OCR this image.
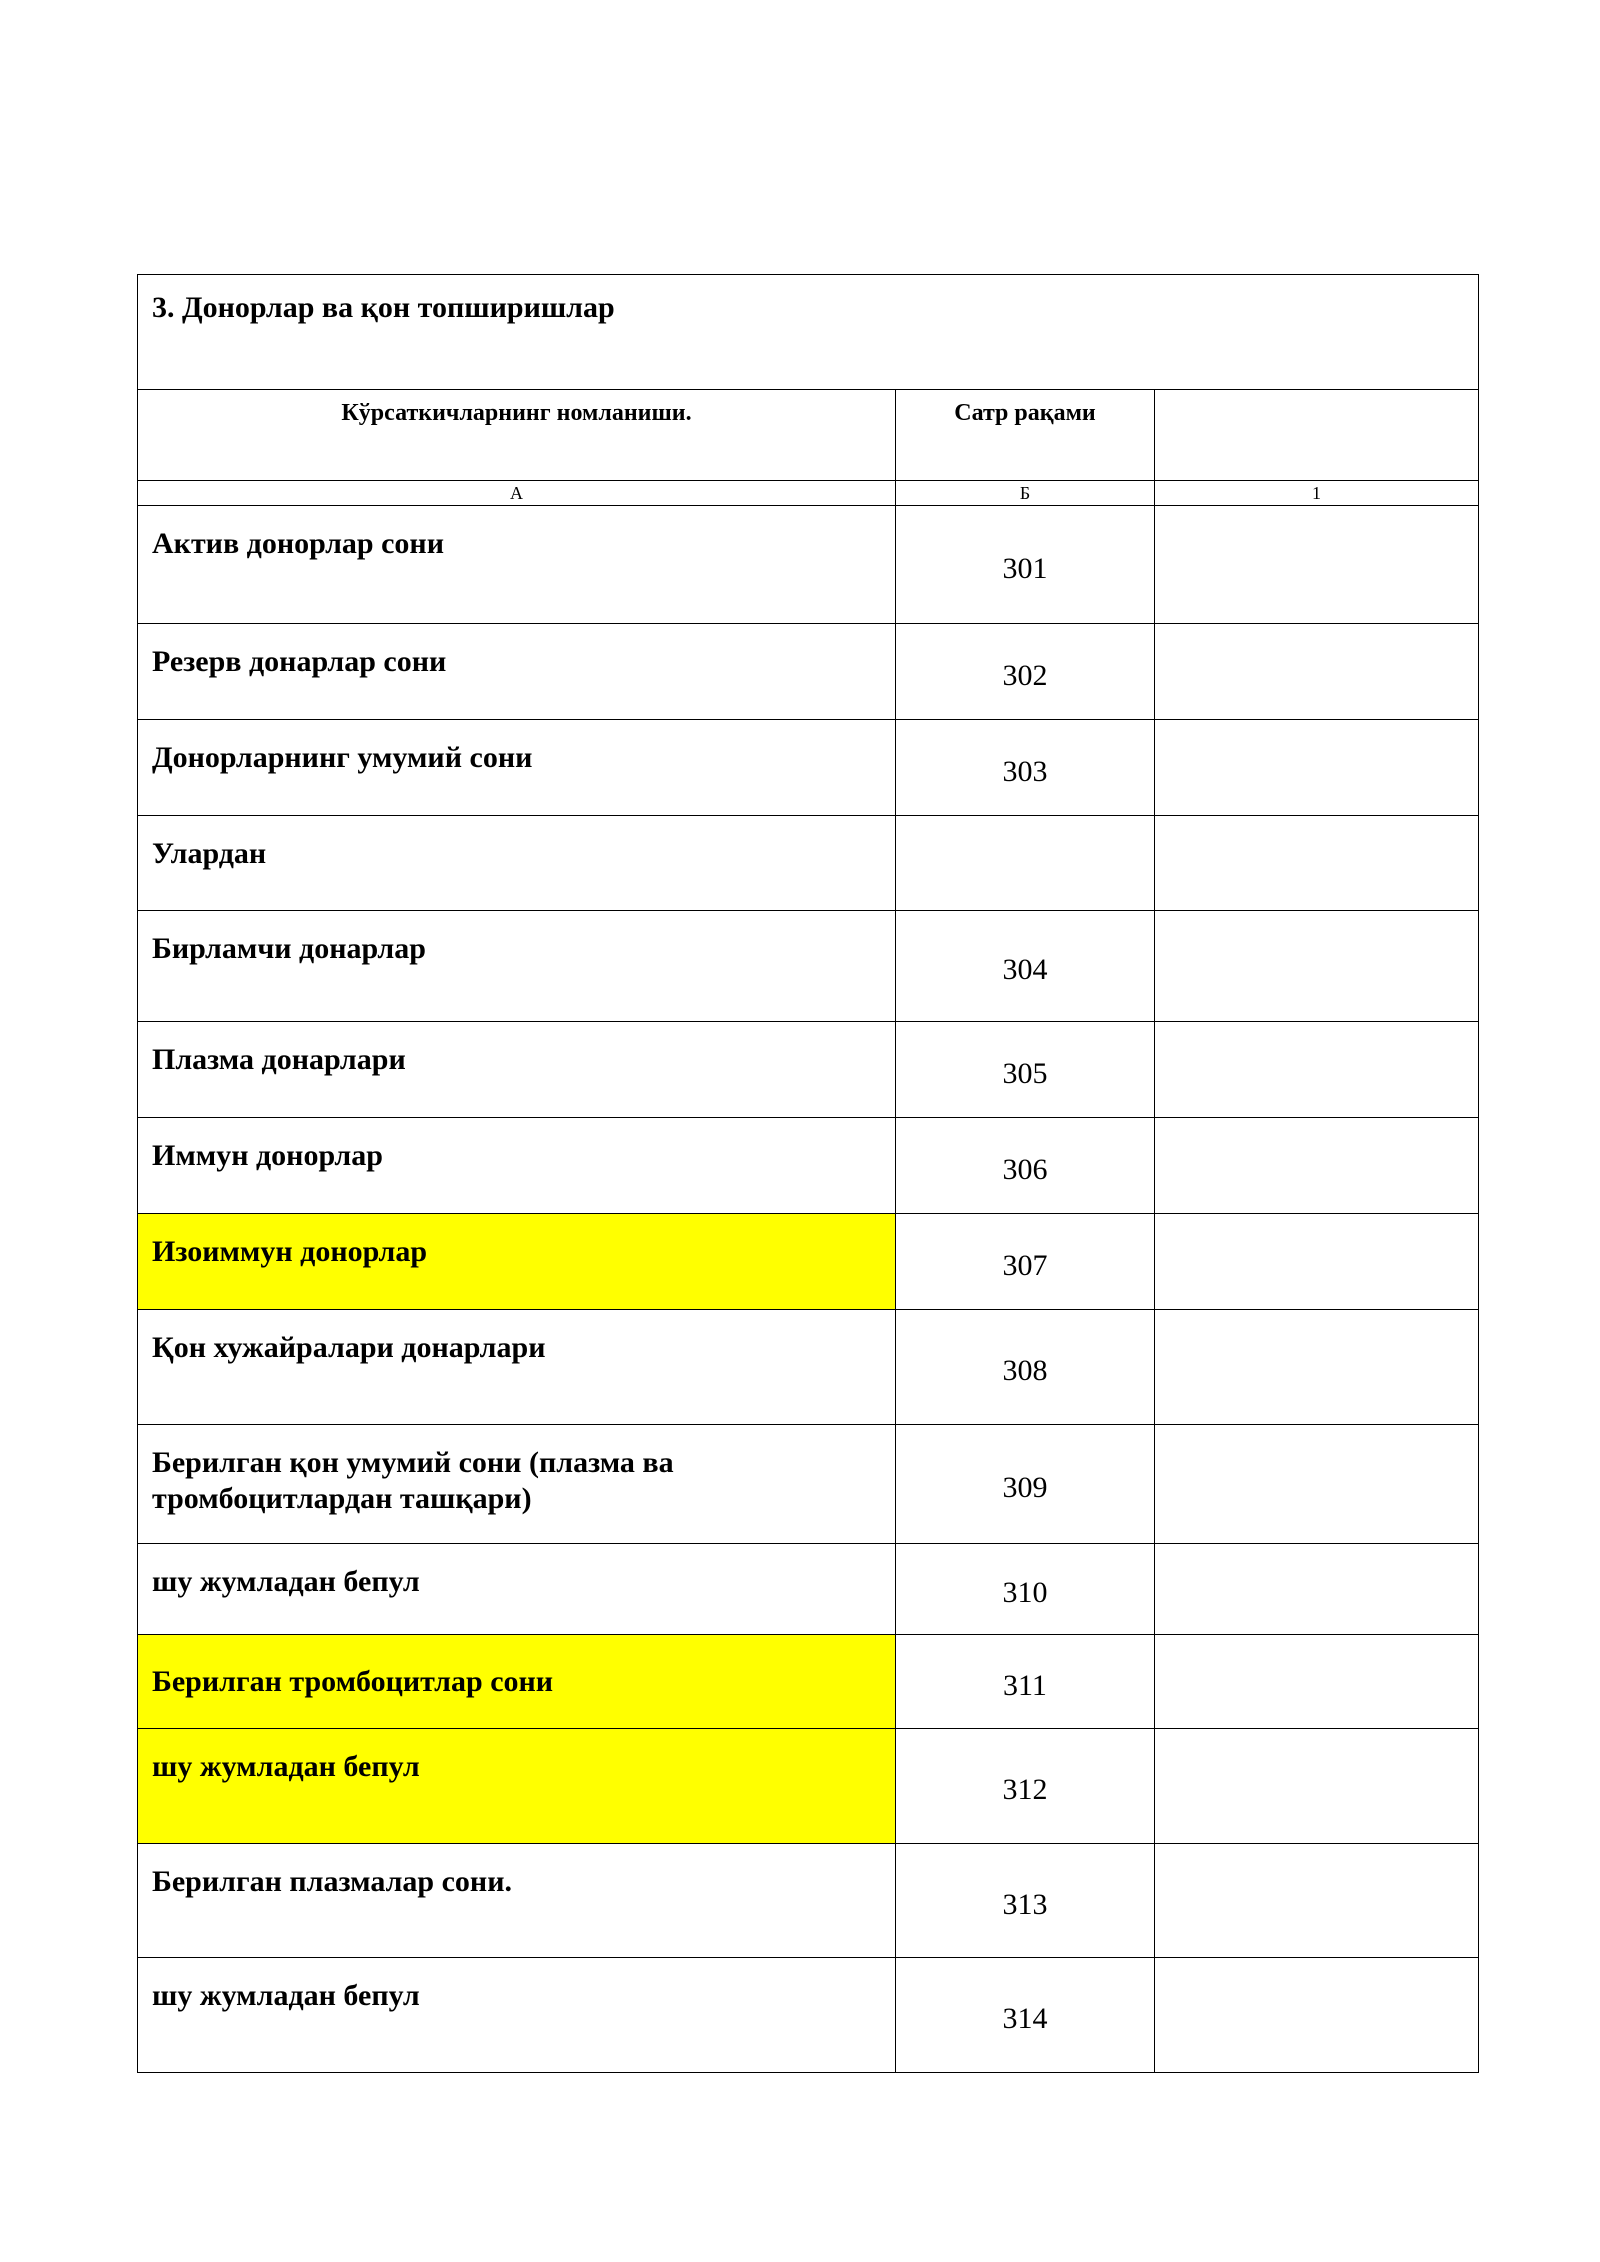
3. Донорлар ва қон топширишлар		
Кўрсаткичларнинг номланиши.	Сатр рақами	
А	Б	1
Актив донорлар сони	301	
Резерв донарлар сони	302	
Донорларнинг умумий сони	303	
Улардан		
Бирламчи донарлар	304	
Плазма донарлари	305	
Иммун донорлар	306	
Изоиммун донорлар	307	
Қон хужайралари донарлари	308	
Берилган қон умумий сони (плазма ва тромбоцитлардан ташқари)	309	
шу жумладан бепул	310	
Берилган тромбоцитлар сони	311	
шу жумладан бепул	312	
Берилган плазмалар сони.	313	
шу жумладан бепул	314	
